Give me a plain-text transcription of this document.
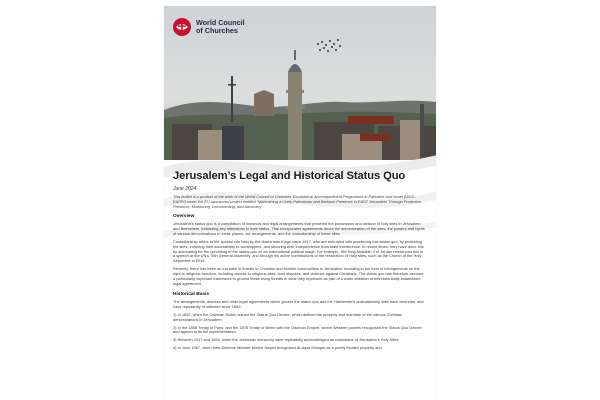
World Council
of Churches
Jerusalem’s Legal and Historical Status Quo
June 2024
This leaflet is a product of the work of the World Council of Churches’ Ecumenical Accompaniment Programme in Palestine and Israel (WCC-EAPPI) under the EU-sponsored project entitled “Maintaining a Lively Palestinian and Bedouin Presence in EAST Jerusalem Through Protective Presence, Monitoring, Documenting, and Advocacy”.
Overview

Jerusalem’s status quo is a compilation of historical and legal arrangements that preserve the possession and division of holy sites in Jerusalem and Bethlehem, forbidding any alterations to their status. This incorporates agreements about the administration of the sites, the powers and rights of various denominations in these places, tax arrangements, and the custodianship of these sites.

Custodianship refers to the special role held by the Hashemite Kings since 1917, who are entrusted with preserving this status quo, by protecting the sites, ensuring their accessibility to worshippers, and securing their independence from state interference. In recent times, they have done this by advocating for the upholding of the status quo on an international political stage. For example, HM King Abdullah II of Jordan referenced this in a speech at the UN’s 78th General Assembly, and through his active contributions to the restoration of Holy sites, such as the Church of the Holy Sepulchre in 2016.

Recently, there has been an increase in threats to Christian and Muslim communities in Jerusalem, including in the form of infringements on the right to religious freedom, including access to religious sites, land disputes, and violence against Christians. The status quo has therefore become a particularly important framework to ground these rising threats in what they represent as part of a wider violation of this historically-established legal agreement.

Historical Basis

The arrangements, decrees and other legal agreements which govern the status quo and the Hashemite’s custodianship date back centuries, and have repeatedly re-affirmed since 1852:

1) In 1852, when the Ottoman Sultan issued the Status Quo Decree, which defined the property and mandate of the various Christian denominations in Jerusalem;

2) In the 1856 Treaty of Paris, and the 1878 Treaty of Berlin with the Ottoman Empire, where Western powers recognised the Status Quo Decree and agreed to its full implementation;

3) Between 1917 and 1924, when the Jordanian monarchy were repeatedly acknowledged as custodians of Jerusalem’s Holy Sites;

4) In June 1967, when then-Defence Minister Moshe Dayan recognised Al-Aqsa Mosque as a purely Muslim property and
